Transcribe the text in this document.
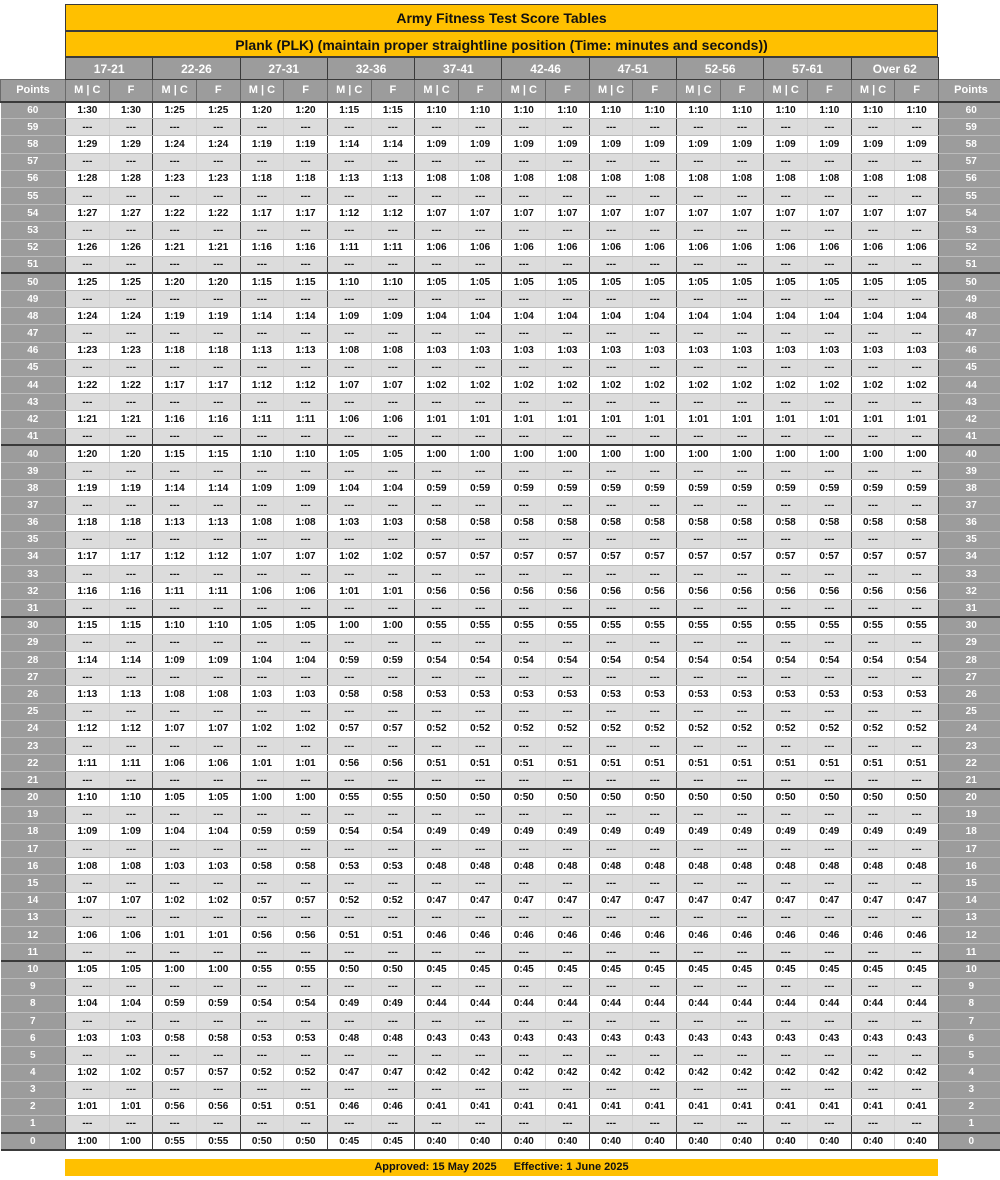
Army Fitness Test Score Tables
Plank (PLK) (maintain proper straightline position (Time: minutes and seconds))
	17-21		22-26		27-31		32-36		37-41		42-46		47-51		52-56		57-61		Over 62		
Points	M | C	F	M | C	F	M | C	F	M | C	F	M | C	F	M | C	F	M | C	F	M | C	F	M | C	F	M | C	F	Points
60	1:30	1:30	1:25	1:25	1:20	1:20	1:15	1:15	1:10	1:10	1:10	1:10	1:10	1:10	1:10	1:10	1:10	1:10	1:10	1:10	60
59	---	---	---	---	---	---	---	---	---	---	---	---	---	---	---	---	---	---	---	---	59
58	1:29	1:29	1:24	1:24	1:19	1:19	1:14	1:14	1:09	1:09	1:09	1:09	1:09	1:09	1:09	1:09	1:09	1:09	1:09	1:09	58
57	---	---	---	---	---	---	---	---	---	---	---	---	---	---	---	---	---	---	---	---	57
56	1:28	1:28	1:23	1:23	1:18	1:18	1:13	1:13	1:08	1:08	1:08	1:08	1:08	1:08	1:08	1:08	1:08	1:08	1:08	1:08	56
55	---	---	---	---	---	---	---	---	---	---	---	---	---	---	---	---	---	---	---	---	55
54	1:27	1:27	1:22	1:22	1:17	1:17	1:12	1:12	1:07	1:07	1:07	1:07	1:07	1:07	1:07	1:07	1:07	1:07	1:07	1:07	54
53	---	---	---	---	---	---	---	---	---	---	---	---	---	---	---	---	---	---	---	---	53
52	1:26	1:26	1:21	1:21	1:16	1:16	1:11	1:11	1:06	1:06	1:06	1:06	1:06	1:06	1:06	1:06	1:06	1:06	1:06	1:06	52
51	---	---	---	---	---	---	---	---	---	---	---	---	---	---	---	---	---	---	---	---	51
50	1:25	1:25	1:20	1:20	1:15	1:15	1:10	1:10	1:05	1:05	1:05	1:05	1:05	1:05	1:05	1:05	1:05	1:05	1:05	1:05	50
49	---	---	---	---	---	---	---	---	---	---	---	---	---	---	---	---	---	---	---	---	49
48	1:24	1:24	1:19	1:19	1:14	1:14	1:09	1:09	1:04	1:04	1:04	1:04	1:04	1:04	1:04	1:04	1:04	1:04	1:04	1:04	48
47	---	---	---	---	---	---	---	---	---	---	---	---	---	---	---	---	---	---	---	---	47
46	1:23	1:23	1:18	1:18	1:13	1:13	1:08	1:08	1:03	1:03	1:03	1:03	1:03	1:03	1:03	1:03	1:03	1:03	1:03	1:03	46
45	---	---	---	---	---	---	---	---	---	---	---	---	---	---	---	---	---	---	---	---	45
44	1:22	1:22	1:17	1:17	1:12	1:12	1:07	1:07	1:02	1:02	1:02	1:02	1:02	1:02	1:02	1:02	1:02	1:02	1:02	1:02	44
43	---	---	---	---	---	---	---	---	---	---	---	---	---	---	---	---	---	---	---	---	43
42	1:21	1:21	1:16	1:16	1:11	1:11	1:06	1:06	1:01	1:01	1:01	1:01	1:01	1:01	1:01	1:01	1:01	1:01	1:01	1:01	42
41	---	---	---	---	---	---	---	---	---	---	---	---	---	---	---	---	---	---	---	---	41
40	1:20	1:20	1:15	1:15	1:10	1:10	1:05	1:05	1:00	1:00	1:00	1:00	1:00	1:00	1:00	1:00	1:00	1:00	1:00	1:00	40
39	---	---	---	---	---	---	---	---	---	---	---	---	---	---	---	---	---	---	---	---	39
38	1:19	1:19	1:14	1:14	1:09	1:09	1:04	1:04	0:59	0:59	0:59	0:59	0:59	0:59	0:59	0:59	0:59	0:59	0:59	0:59	38
37	---	---	---	---	---	---	---	---	---	---	---	---	---	---	---	---	---	---	---	---	37
36	1:18	1:18	1:13	1:13	1:08	1:08	1:03	1:03	0:58	0:58	0:58	0:58	0:58	0:58	0:58	0:58	0:58	0:58	0:58	0:58	36
35	---	---	---	---	---	---	---	---	---	---	---	---	---	---	---	---	---	---	---	---	35
34	1:17	1:17	1:12	1:12	1:07	1:07	1:02	1:02	0:57	0:57	0:57	0:57	0:57	0:57	0:57	0:57	0:57	0:57	0:57	0:57	34
33	---	---	---	---	---	---	---	---	---	---	---	---	---	---	---	---	---	---	---	---	33
32	1:16	1:16	1:11	1:11	1:06	1:06	1:01	1:01	0:56	0:56	0:56	0:56	0:56	0:56	0:56	0:56	0:56	0:56	0:56	0:56	32
31	---	---	---	---	---	---	---	---	---	---	---	---	---	---	---	---	---	---	---	---	31
30	1:15	1:15	1:10	1:10	1:05	1:05	1:00	1:00	0:55	0:55	0:55	0:55	0:55	0:55	0:55	0:55	0:55	0:55	0:55	0:55	30
29	---	---	---	---	---	---	---	---	---	---	---	---	---	---	---	---	---	---	---	---	29
28	1:14	1:14	1:09	1:09	1:04	1:04	0:59	0:59	0:54	0:54	0:54	0:54	0:54	0:54	0:54	0:54	0:54	0:54	0:54	0:54	28
27	---	---	---	---	---	---	---	---	---	---	---	---	---	---	---	---	---	---	---	---	27
26	1:13	1:13	1:08	1:08	1:03	1:03	0:58	0:58	0:53	0:53	0:53	0:53	0:53	0:53	0:53	0:53	0:53	0:53	0:53	0:53	26
25	---	---	---	---	---	---	---	---	---	---	---	---	---	---	---	---	---	---	---	---	25
24	1:12	1:12	1:07	1:07	1:02	1:02	0:57	0:57	0:52	0:52	0:52	0:52	0:52	0:52	0:52	0:52	0:52	0:52	0:52	0:52	24
23	---	---	---	---	---	---	---	---	---	---	---	---	---	---	---	---	---	---	---	---	23
22	1:11	1:11	1:06	1:06	1:01	1:01	0:56	0:56	0:51	0:51	0:51	0:51	0:51	0:51	0:51	0:51	0:51	0:51	0:51	0:51	22
21	---	---	---	---	---	---	---	---	---	---	---	---	---	---	---	---	---	---	---	---	21
20	1:10	1:10	1:05	1:05	1:00	1:00	0:55	0:55	0:50	0:50	0:50	0:50	0:50	0:50	0:50	0:50	0:50	0:50	0:50	0:50	20
19	---	---	---	---	---	---	---	---	---	---	---	---	---	---	---	---	---	---	---	---	19
18	1:09	1:09	1:04	1:04	0:59	0:59	0:54	0:54	0:49	0:49	0:49	0:49	0:49	0:49	0:49	0:49	0:49	0:49	0:49	0:49	18
17	---	---	---	---	---	---	---	---	---	---	---	---	---	---	---	---	---	---	---	---	17
16	1:08	1:08	1:03	1:03	0:58	0:58	0:53	0:53	0:48	0:48	0:48	0:48	0:48	0:48	0:48	0:48	0:48	0:48	0:48	0:48	16
15	---	---	---	---	---	---	---	---	---	---	---	---	---	---	---	---	---	---	---	---	15
14	1:07	1:07	1:02	1:02	0:57	0:57	0:52	0:52	0:47	0:47	0:47	0:47	0:47	0:47	0:47	0:47	0:47	0:47	0:47	0:47	14
13	---	---	---	---	---	---	---	---	---	---	---	---	---	---	---	---	---	---	---	---	13
12	1:06	1:06	1:01	1:01	0:56	0:56	0:51	0:51	0:46	0:46	0:46	0:46	0:46	0:46	0:46	0:46	0:46	0:46	0:46	0:46	12
11	---	---	---	---	---	---	---	---	---	---	---	---	---	---	---	---	---	---	---	---	11
10	1:05	1:05	1:00	1:00	0:55	0:55	0:50	0:50	0:45	0:45	0:45	0:45	0:45	0:45	0:45	0:45	0:45	0:45	0:45	0:45	10
9	---	---	---	---	---	---	---	---	---	---	---	---	---	---	---	---	---	---	---	---	9
8	1:04	1:04	0:59	0:59	0:54	0:54	0:49	0:49	0:44	0:44	0:44	0:44	0:44	0:44	0:44	0:44	0:44	0:44	0:44	0:44	8
7	---	---	---	---	---	---	---	---	---	---	---	---	---	---	---	---	---	---	---	---	7
6	1:03	1:03	0:58	0:58	0:53	0:53	0:48	0:48	0:43	0:43	0:43	0:43	0:43	0:43	0:43	0:43	0:43	0:43	0:43	0:43	6
5	---	---	---	---	---	---	---	---	---	---	---	---	---	---	---	---	---	---	---	---	5
4	1:02	1:02	0:57	0:57	0:52	0:52	0:47	0:47	0:42	0:42	0:42	0:42	0:42	0:42	0:42	0:42	0:42	0:42	0:42	0:42	4
3	---	---	---	---	---	---	---	---	---	---	---	---	---	---	---	---	---	---	---	---	3
2	1:01	1:01	0:56	0:56	0:51	0:51	0:46	0:46	0:41	0:41	0:41	0:41	0:41	0:41	0:41	0:41	0:41	0:41	0:41	0:41	2
1	---	---	---	---	---	---	---	---	---	---	---	---	---	---	---	---	---	---	---	---	1
0	1:00	1:00	0:55	0:55	0:50	0:50	0:45	0:45	0:40	0:40	0:40	0:40	0:40	0:40	0:40	0:40	0:40	0:40	0:40	0:40	0
Approved: 15 May 2025 Effective: 1 June 2025
